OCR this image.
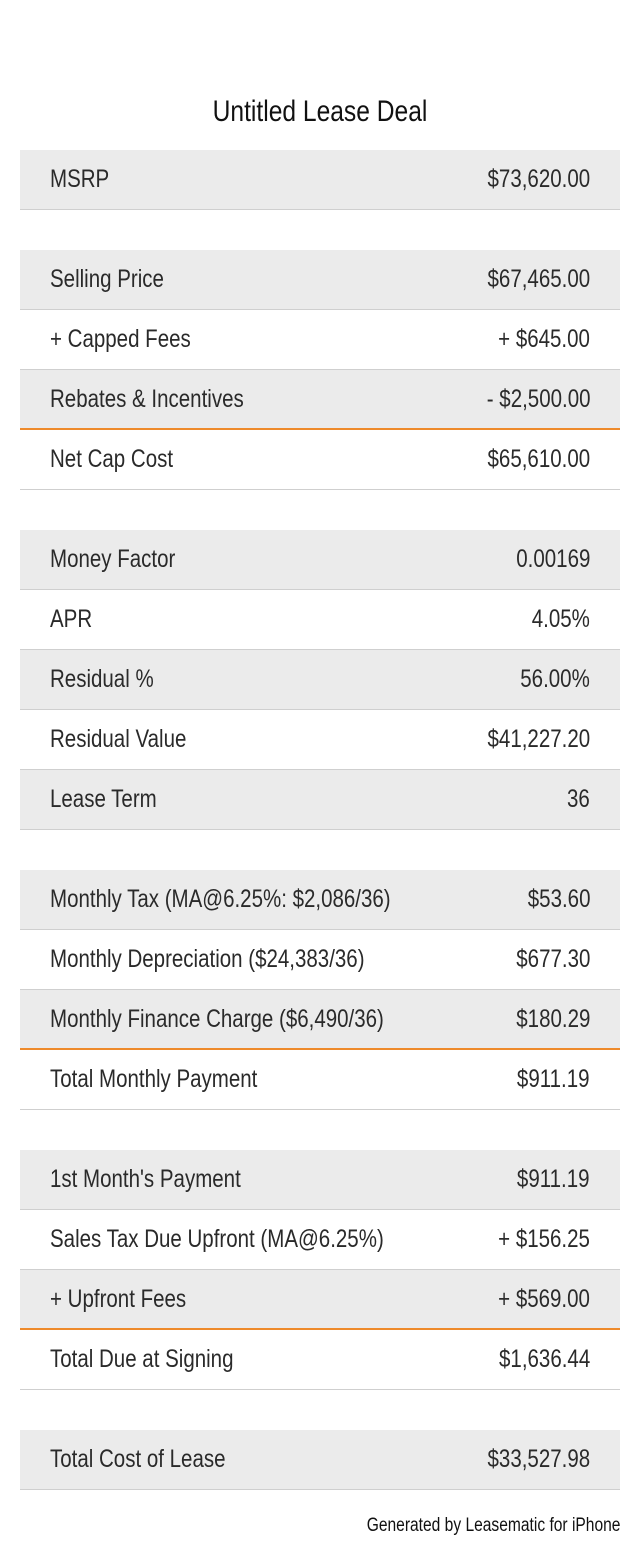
Untitled Lease Deal
MSRP	$73,620.00
Selling Price	$67,465.00
+ Capped Fees	+ $645.00
Rebates & Incentives	- $2,500.00
Net Cap Cost	$65,610.00
Money Factor	0.00169
APR	4.05%
Residual %	56.00%
Residual Value	$41,227.20
Lease Term	36
Monthly Tax (MA@6.25%: $2,086/36)	$53.60
Monthly Depreciation ($24,383/36)	$677.30
Monthly Finance Charge ($6,490/36)	$180.29
Total Monthly Payment	$911.19
1st Month's Payment	$911.19
Sales Tax Due Upfront (MA@6.25%)	+ $156.25
+ Upfront Fees	+ $569.00
Total Due at Signing	$1,636.44
Total Cost of Lease	$33,527.98
Generated by Leasematic for iPhone
